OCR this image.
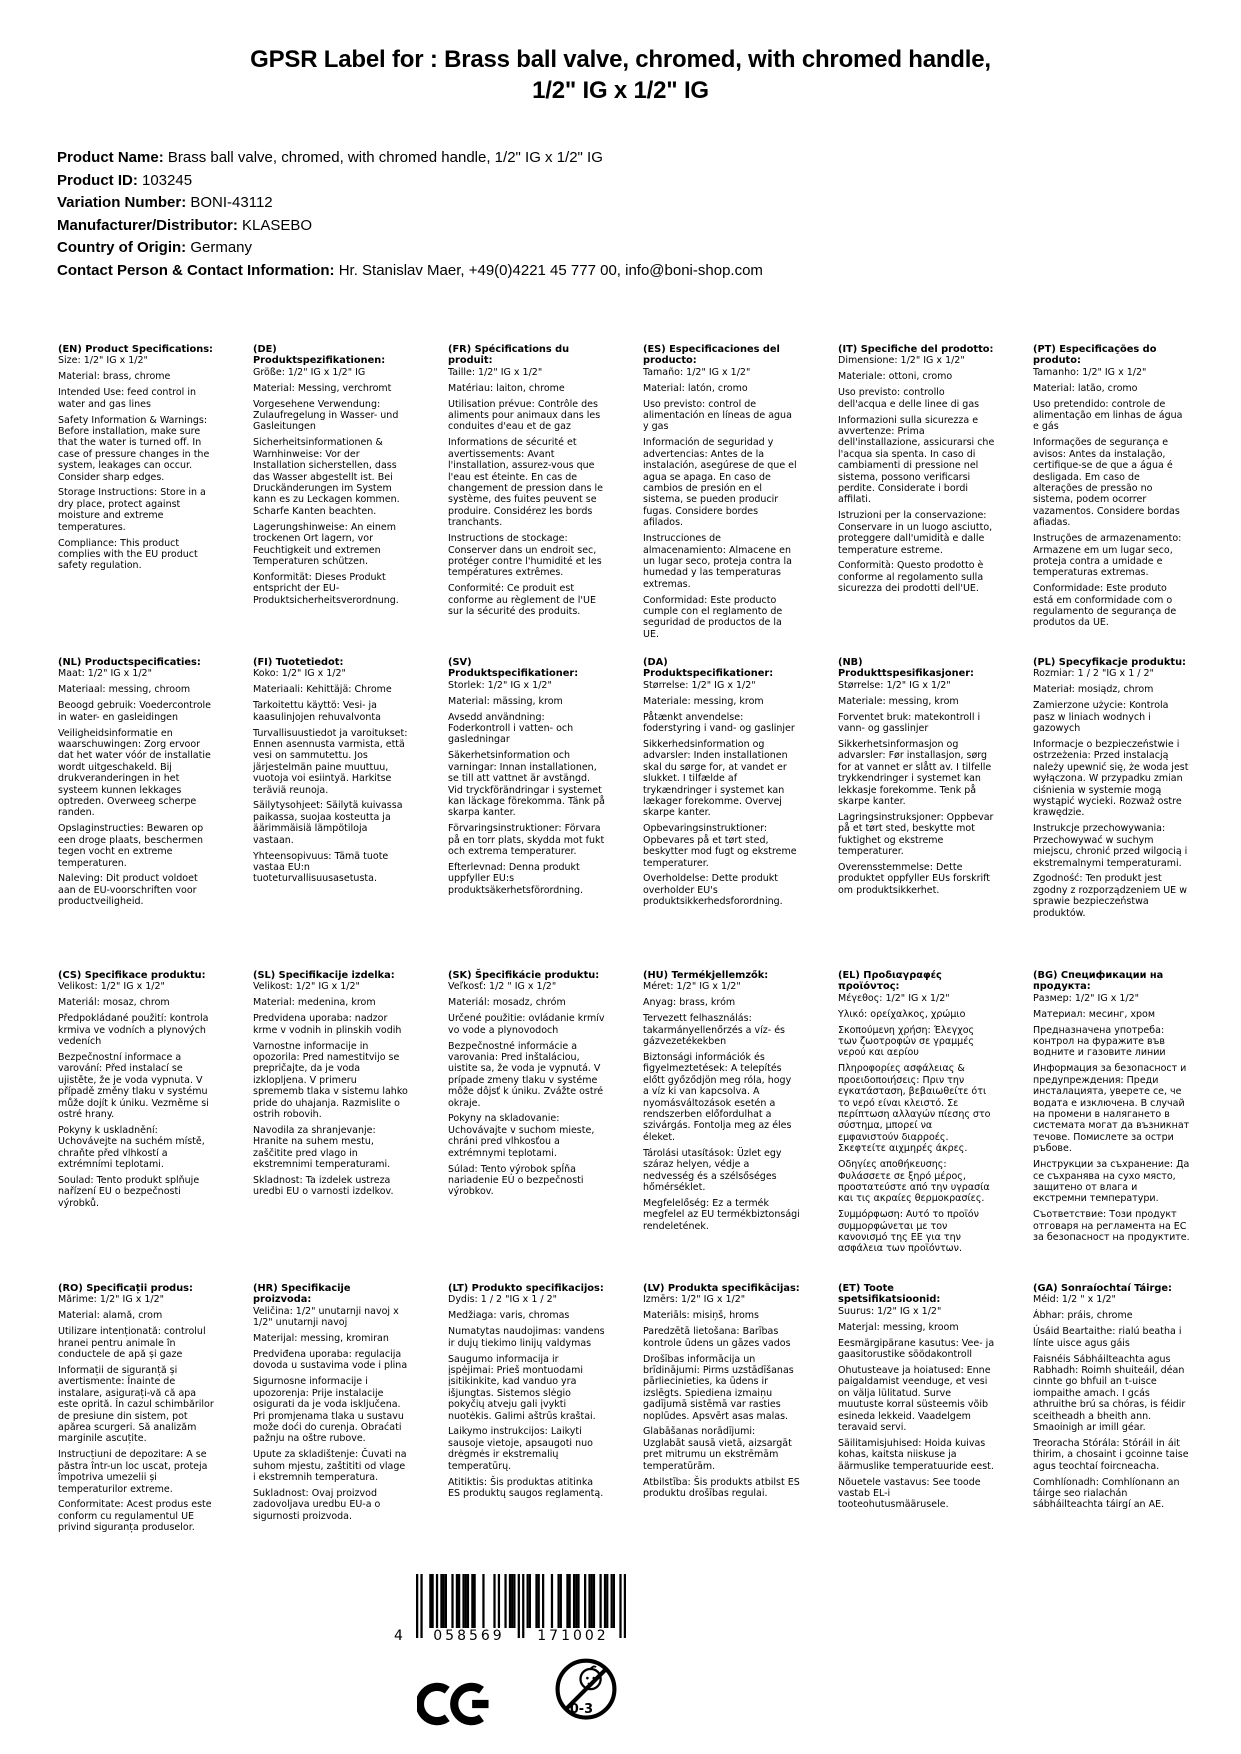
GPSR Label for : Brass ball valve, chromed, with chromed handle,
1/2" IG x 1/2" IG
Product Name: Brass ball valve, chromed, with chromed handle, 1/2" IG x 1/2" IG
Product ID: 103245
Variation Number: BONI-43112
Manufacturer/Distributor: KLASEBO
Country of Origin: Germany
Contact Person & Contact Information: Hr. Stanislav Maer, +49(0)4221 45 777 00, info@boni-shop.com
(EN) Product Specifications:

Size: 1/2" IG x 1/2"

Material: brass, chrome

Intended Use: feed control in water and gas lines

Safety Information & Warnings: Before installation, make sure that the water is turned off. In case of pressure changes in the system, leakages can occur. Consider sharp edges.

Storage Instructions: Store in a dry place, protect against moisture and extreme temperatures.

Compliance: This product complies with the EU product safety regulation.

(DE) Produktspezifikationen:

Größe: 1/2" IG x 1/2" IG

Material: Messing, verchromt

Vorgesehene Verwendung: Zulaufregelung in Wasser- und Gasleitungen

Sicherheitsinformationen & Warnhinweise: Vor der Installation sicherstellen, dass das Wasser abgestellt ist. Bei Druckänderungen im System kann es zu Leckagen kommen. Scharfe Kanten beachten.

Lagerungshinweise: An einem trockenen Ort lagern, vor Feuchtigkeit und extremen Temperaturen schützen.

Konformität: Dieses Produkt entspricht der EU-Produktsicherheitsverordnung.

(FR) Spécifications du produit:

Taille: 1/2" IG x 1/2"

Matériau: laiton, chrome

Utilisation prévue: Contrôle des aliments pour animaux dans les conduites d'eau et de gaz

Informations de sécurité et avertissements: Avant l'installation, assurez-vous que l'eau est éteinte. En cas de changement de pression dans le système, des fuites peuvent se produire. Considérez les bords tranchants.

Instructions de stockage: Conserver dans un endroit sec, protéger contre l'humidité et les températures extrêmes.

Conformité: Ce produit est conforme au règlement de l'UE sur la sécurité des produits.

(ES) Especificaciones del producto:

Tamaño: 1/2" IG x 1/2"

Material: latón, cromo

Uso previsto: control de alimentación en líneas de agua y gas

Información de seguridad y advertencias: Antes de la instalación, asegúrese de que el agua se apaga. En caso de cambios de presión en el sistema, se pueden producir fugas. Considere bordes afilados.

Instrucciones de almacenamiento: Almacene en un lugar seco, proteja contra la humedad y las temperaturas extremas.

Conformidad: Este producto cumple con el reglamento de seguridad de productos de la UE.

(IT) Specifiche del prodotto:

Dimensione: 1/2" IG x 1/2"

Materiale: ottoni, cromo

Uso previsto: controllo dell'acqua e delle linee di gas

Informazioni sulla sicurezza e avvertenze: Prima dell'installazione, assicurarsi che l'acqua sia spenta. In caso di cambiamenti di pressione nel sistema, possono verificarsi perdite. Considerate i bordi affilati.

Istruzioni per la conservazione: Conservare in un luogo asciutto, proteggere dall'umidità e dalle temperature estreme.

Conformità: Questo prodotto è conforme al regolamento sulla sicurezza dei prodotti dell'UE.

(PT) Especificações do produto:

Tamanho: 1/2" IG x 1/2"

Material: latão, cromo

Uso pretendido: controle de alimentação em linhas de água e gás

Informações de segurança e avisos: Antes da instalação, certifique-se de que a água é desligada. Em caso de alterações de pressão no sistema, podem ocorrer vazamentos. Considere bordas afiadas.

Instruções de armazenamento: Armazene em um lugar seco, proteja contra a umidade e temperaturas extremas.

Conformidade: Este produto está em conformidade com o regulamento de segurança de produtos da UE.

(NL) Productspecificaties:

Maat: 1/2" IG x 1/2"

Materiaal: messing, chroom

Beoogd gebruik: Voedercontrole in water- en gasleidingen

Veiligheidsinformatie en waarschuwingen: Zorg ervoor dat het water vóór de installatie wordt uitgeschakeld. Bij drukveranderingen in het systeem kunnen lekkages optreden. Overweeg scherpe randen.

Opslaginstructies: Bewaren op een droge plaats, beschermen tegen vocht en extreme temperaturen.

Naleving: Dit product voldoet aan de EU-voorschriften voor productveiligheid.

(FI) Tuotetiedot:

Koko: 1/2" IG x 1/2"

Materiaali: Kehittäjä: Chrome

Tarkoitettu käyttö: Vesi- ja kaasulinjojen rehuvalvonta

Turvallisuustiedot ja varoitukset: Ennen asennusta varmista, että vesi on sammutettu. Jos järjestelmän paine muuttuu, vuotoja voi esiintyä. Harkitse teräviä reunoja.

Säilytysohjeet: Säilytä kuivassa paikassa, suojaa kosteutta ja äärimmäisiä lämpötiloja vastaan.

Yhteensopivuus: Tämä tuote vastaa EU:n tuoteturvallisuusasetusta.

(SV) Produktspecifikationer:

Storlek: 1/2" IG x 1/2"

Material: mässing, krom

Avsedd användning: Foderkontroll i vatten- och gasledningar

Säkerhetsinformation och varningar: Innan installationen, se till att vattnet är avstängd. Vid tryckförändringar i systemet kan läckage förekomma. Tänk på skarpa kanter.

Förvaringsinstruktioner: Förvara på en torr plats, skydda mot fukt och extrema temperaturer.

Efterlevnad: Denna produkt uppfyller EU:s produktsäkerhetsförordning.

(DA) Produktspecifikationer:

Størrelse: 1/2" IG x 1/2"

Materiale: messing, krom

Påtænkt anvendelse: foderstyring i vand- og gaslinjer

Sikkerhedsinformation og advarsler: Inden installationen skal du sørge for, at vandet er slukket. I tilfælde af trykændringer i systemet kan lækager forekomme. Overvej skarpe kanter.

Opbevaringsinstruktioner: Opbevares på et tørt sted, beskytter mod fugt og ekstreme temperaturer.

Overholdelse: Dette produkt overholder EU's produktsikkerhedsforordning.

(NB) Produkttspesifikasjoner:

Størrelse: 1/2" IG x 1/2"

Materiale: messing, krom

Forventet bruk: matekontroll i vann- og gasslinjer

Sikkerhetsinformasjon og advarsler: Før installasjon, sørg for at vannet er slått av. I tilfelle trykkendringer i systemet kan lekkasje forekomme. Tenk på skarpe kanter.

Lagringsinstruksjoner: Oppbevar på et tørt sted, beskytte mot fuktighet og ekstreme temperaturer.

Overensstemmelse: Dette produktet oppfyller EUs forskrift om produktsikkerhet.

(PL) Specyfikacje produktu:

Rozmiar: 1 / 2 "IG x 1 / 2"

Materiał: mosiądz, chrom

Zamierzone użycie: Kontrola pasz w liniach wodnych i gazowych

Informacje o bezpieczeństwie i ostrzeżenia: Przed instalacją należy upewnić się, że woda jest wyłączona. W przypadku zmian ciśnienia w systemie mogą wystąpić wycieki. Rozważ ostre krawędzie.

Instrukcje przechowywania: Przechowywać w suchym miejscu, chronić przed wilgocią i ekstremalnymi temperaturami.

Zgodność: Ten produkt jest zgodny z rozporządzeniem UE w sprawie bezpieczeństwa produktów.

(CS) Specifikace produktu:

Velikost: 1/2" IG x 1/2"

Materiál: mosaz, chrom

Předpokládané použití: kontrola krmiva ve vodních a plynových vedeních

Bezpečnostní informace a varování: Před instalací se ujistěte, že je voda vypnuta. V případě změny tlaku v systému může dojít k úniku. Vezměme si ostré hrany.

Pokyny k uskladnění: Uchovávejte na suchém místě, chraňte před vlhkostí a extrémními teplotami.

Soulad: Tento produkt splňuje nařízení EU o bezpečnosti výrobků.

(SL) Specifikacije izdelka:

Velikost: 1/2" IG x 1/2"

Material: medenina, krom

Predvidena uporaba: nadzor krme v vodnih in plinskih vodih

Varnostne informacije in opozorila: Pred namestitvijo se prepričajte, da je voda izklopljena. V primeru sprememb tlaka v sistemu lahko pride do uhajanja. Razmislite o ostrih robovih.

Navodila za shranjevanje: Hranite na suhem mestu, zaščitite pred vlago in ekstremnimi temperaturami.

Skladnost: Ta izdelek ustreza uredbi EU o varnosti izdelkov.

(SK) Špecifikácie produktu:

Veľkosť: 1/2 " IG x 1/2"

Materiál: mosadz, chróm

Určené použitie: ovládanie krmív vo vode a plynovodoch

Bezpečnostné informácie a varovania: Pred inštaláciou, uistite sa, že voda je vypnutá. V prípade zmeny tlaku v systéme môže dôjsť k úniku. Zvážte ostré okraje.

Pokyny na skladovanie: Uchovávajte v suchom mieste, chráni pred vlhkosťou a extrémnymi teplotami.

Súlad: Tento výrobok spĺňa nariadenie EÚ o bezpečnosti výrobkov.

(HU) Termékjellemzők:

Méret: 1/2" IG x 1/2"

Anyag: brass, króm

Tervezett felhasználás: takarmányellenőrzés a víz- és gázvezetékekben

Biztonsági információk és figyelmeztetések: A telepítés előtt győződjön meg róla, hogy a víz ki van kapcsolva. A nyomásváltozások esetén a rendszerben előfordulhat a szivárgás. Fontolja meg az éles éleket.

Tárolási utasítások: Üzlet egy száraz helyen, védje a nedvesség és a szélsőséges hőmérséklet.

Megfelelőség: Ez a termék megfelel az EU termékbiztonsági rendeletének.

(EL) Προδιαγραφές προϊόντος:

Μέγεθος: 1/2" IG x 1/2"

Υλικό: ορείχαλκος, χρώμιο

Σκοπούμενη χρήση: Έλεγχος των ζωοτροφών σε γραμμές νερού και αερίου

Πληροφορίες ασφάλειας & προειδοποιήσεις: Πριν την εγκατάσταση, βεβαιωθείτε ότι το νερό είναι κλειστό. Σε περίπτωση αλλαγών πίεσης στο σύστημα, μπορεί να εμφανιστούν διαρροές. Σκεφτείτε αιχμηρές άκρες.

Οδηγίες αποθήκευσης: Φυλάσσετε σε ξηρό μέρος, προστατεύστε από την υγρασία και τις ακραίες θερμοκρασίες.

Συμμόρφωση: Αυτό το προϊόν συμμορφώνεται με τον κανονισμό της ΕΕ για την ασφάλεια των προϊόντων.

(BG) Спецификации на продукта:

Размер: 1/2" IG x 1/2"

Материал: месинг, хром

Предназначена употреба: контрол на фуражите във водните и газовите линии

Информация за безопасност и предупреждения: Преди инсталацията, уверете се, че водата е изключена. В случай на промени в налягането в системата могат да възникнат течове. Помислете за остри ръбове.

Инструкции за съхранение: Да се съхранява на сухо място, защитено от влага и екстремни температури.

Съответствие: Този продукт отговаря на регламента на ЕС за безопасност на продуктите.

(RO) Specificații produs:

Mărime: 1/2" IG x 1/2"

Material: alamă, crom

Utilizare intenționată: controlul hranei pentru animale în conductele de apă și gaze

Informații de siguranță și avertismente: Înainte de instalare, asigurați-vă că apa este oprită. În cazul schimbărilor de presiune din sistem, pot apărea scurgeri. Să analizăm marginile ascuțite.

Instrucțiuni de depozitare: A se păstra într-un loc uscat, proteja împotriva umezelii și temperaturilor extreme.

Conformitate: Acest produs este conform cu regulamentul UE privind siguranța produselor.

(HR) Specifikacije proizvoda:

Veličina: 1/2" unutarnji navoj x 1/2" unutarnji navoj

Materijal: messing, kromiran

Predviđena uporaba: regulacija dovoda u sustavima vode i plina

Sigurnosne informacije i upozorenja: Prije instalacije osigurati da je voda isključena. Pri promjenama tlaka u sustavu može doći do curenja. Obraćati pažnju na oštre rubove.

Upute za skladištenje: Čuvati na suhom mjestu, zaštititi od vlage i ekstremnih temperatura.

Sukladnost: Ovaj proizvod zadovoljava uredbu EU-a o sigurnosti proizvoda.

(LT) Produkto specifikacijos:

Dydis: 1 / 2 "IG x 1 / 2"

Medžiaga: varis, chromas

Numatytas naudojimas: vandens ir dujų tiekimo linijų valdymas

Saugumo informacija ir įspėjimai: Prieš montuodami įsitikinkite, kad vanduo yra išjungtas. Sistemos slėgio pokyčių atveju gali įvykti nuotėkis. Galimi aštrūs kraštai.

Laikymo instrukcijos: Laikyti sausoje vietoje, apsaugoti nuo drėgmės ir ekstremalių temperatūrų.

Atitiktis: Šis produktas atitinka ES produktų saugos reglamentą.

(LV) Produkta specifikācijas:

Izmērs: 1/2" IG x 1/2"

Materiāls: misiņš, hroms

Paredzētā lietošana: Barības kontrole ūdens un gāzes vados

Drošības informācija un brīdinājumi: Pirms uzstādīšanas pārliecinieties, ka ūdens ir izslēgts. Spiediena izmaiņu gadījumā sistēmā var rasties noplūdes. Apsvērt asas malas.

Glabāšanas norādījumi: Uzglabāt sausā vietā, aizsargāt pret mitrumu un ekstrēmām temperatūrām.

Atbilstība: Šis produkts atbilst ES produktu drošības regulai.

(ET) Toote spetsifikatsioonid:

Suurus: 1/2" IG x 1/2"

Materjal: messing, kroom

Eesmärgipärane kasutus: Vee- ja gaasitorustike söödakontroll

Ohutusteave ja hoiatused: Enne paigaldamist veenduge, et vesi on välja lülitatud. Surve muutuste korral süsteemis võib esineda lekkeid. Vaadelgem teravaid servi.

Säilitamisjuhised: Hoida kuivas kohas, kaitsta niiskuse ja äärmuslike temperatuuride eest.

Nõuetele vastavus: See toode vastab EL-i tooteohutusmäärusele.

(GA) Sonraíochtaí Táirge:

Méid: 1/2 " x 1/2"

Ábhar: práis, chrome

Úsáid Beartaithe: rialú beatha i línte uisce agus gáis

Faisnéis Sábháilteachta agus Rabhadh: Roimh shuiteáil, déan cinnte go bhfuil an t-uisce iompaithe amach. I gcás athruithe brú sa chóras, is féidir sceitheadh a bheith ann. Smaoinigh ar imill géar.

Treoracha Stórála: Stóráil in áit thirim, a chosaint i gcoinne taise agus teochtaí foircneacha.

Comhlíonadh: Comhlíonann an táirge seo rialachán sábháilteachta táirgí an AE.

4	058569	171002
0-3
